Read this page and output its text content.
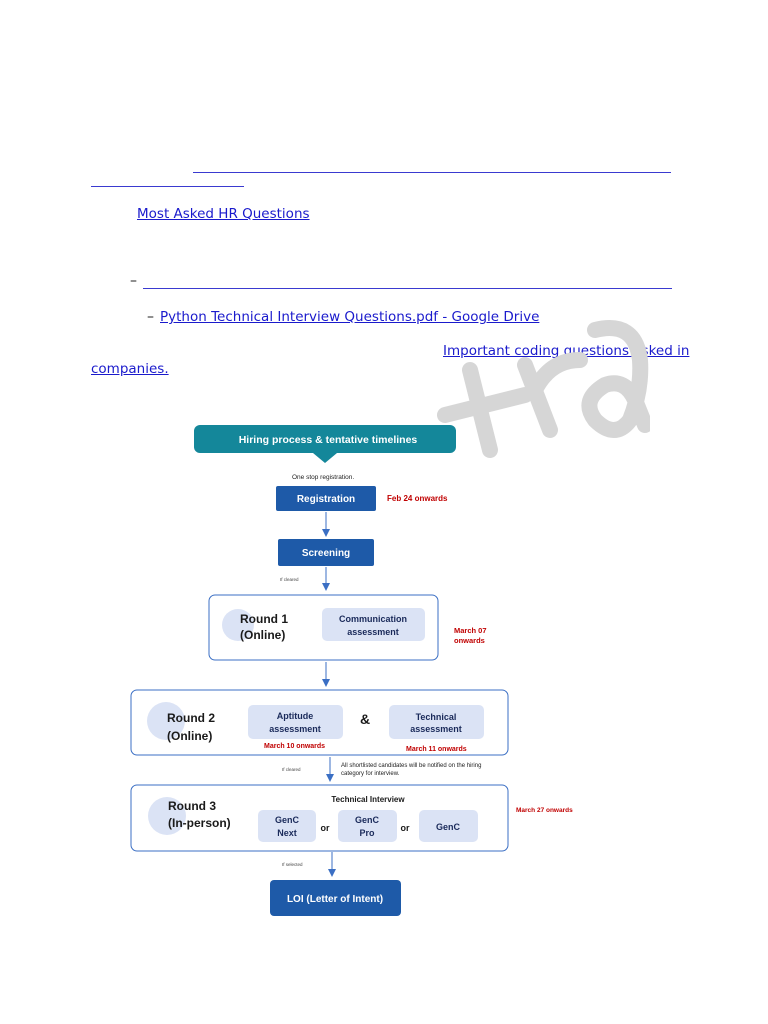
Most Asked HR Questions
–
– Python Technical Interview Questions.pdf - Google Drive
Important coding questions asked in
companies.
Hiring process & tentative timelines
One stop registration.
Registration	Feb 24 onwards
Screening
If cleared
Round 1
(Online)
Communication
assessment	March 07
onwards
Round 2
(Online)
Aptitude
assessment
March 10 onwards
&	Technical
assessment
March 11 onwards
If cleared
All shortlisted candidates will be notified on the hiring
category for interview.
Technical Interview
Round 3
(In-person)	GenC
Next	or
GenC
Pro	or	GenC
March 27 onwards
If selected
LOI (Letter of Intent)
